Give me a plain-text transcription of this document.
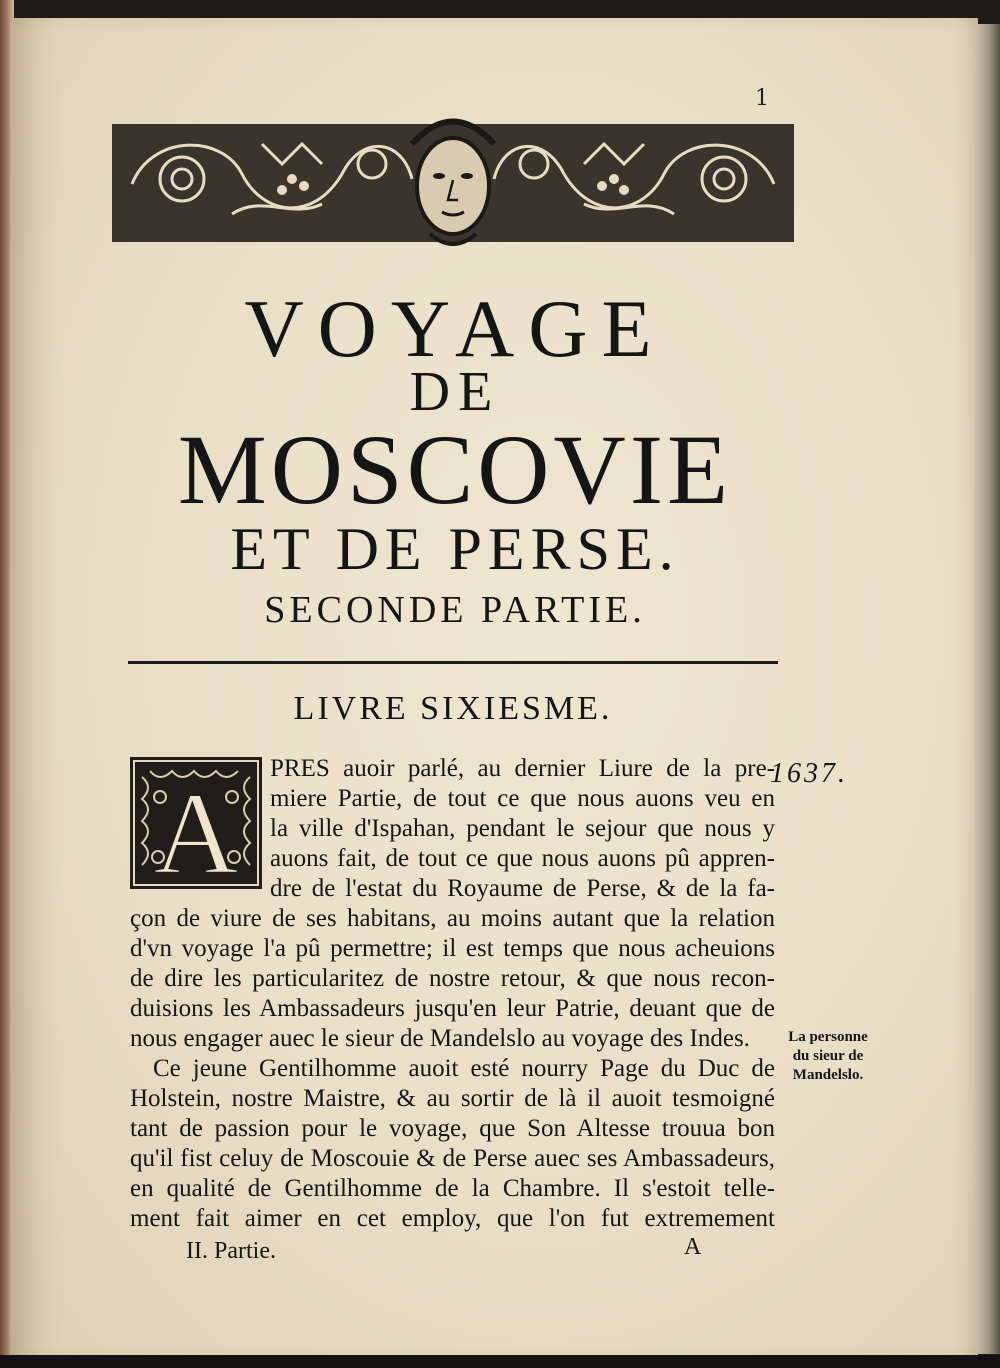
1
VOYAGE
DE
MOSCOVIE
ET DE PERSE.
SECONDE PARTIE.
LIVRE SIXIESME.
A	1637.
La personne du sieur de Mandelslo.
PRES auoir parlé, au dernier Liure de la pre-
miere Partie, de tout ce que nous auons veu en
la ville d'Ispahan, pendant le sejour que nous y
auons fait, de tout ce que nous auons pû appren-
dre de l'estat du Royaume de Perse, & de la fa-
çon de viure de ses habitans, au moins autant que la relation
d'vn voyage l'a pû permettre; il est temps que nous acheuions
de dire les particularitez de nostre retour, & que nous recon-
duisions les Ambassadeurs jusqu'en leur Patrie, deuant que de
nous engager auec le sieur de Mandelslo au voyage des Indes.
Ce jeune Gentilhomme auoit esté nourry Page du Duc de
Holstein, nostre Maistre, & au sortir de là il auoit tesmoigné
tant de passion pour le voyage, que Son Altesse trouua bon
qu'il fist celuy de Moscouie & de Perse auec ses Ambassadeurs,
en qualité de Gentilhomme de la Chambre. Il s'estoit telle-
ment fait aimer en cet employ, que l'on fut extremement
II. Partie.	A
